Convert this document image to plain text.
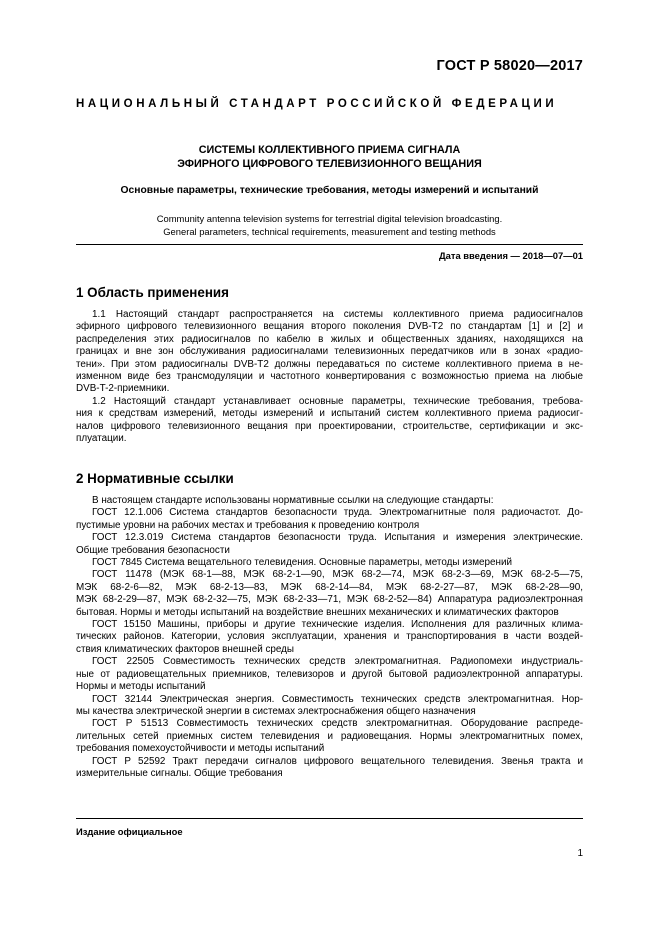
ГОСТ Р 58020—2017
НАЦИОНАЛЬНЫЙ СТАНДАРТ РОССИЙСКОЙ ФЕДЕРАЦИИ
СИСТЕМЫ КОЛЛЕКТИВНОГО ПРИЕМА СИГНАЛА
ЭФИРНОГО ЦИФРОВОГО ТЕЛЕВИЗИОННОГО ВЕЩАНИЯ
Основные параметры, технические требования, методы измерений и испытаний
Community antenna television systems for terrestrial digital television broadcasting.
General parameters, technical requirements, measurement and testing methods
Дата введения — 2018—07—01
1 Область применения
1.1 Настоящий стандарт распространяется на системы коллективного приема радиосигналов
эфирного цифрового телевизионного вещания второго поколения DVB-T2 по стандартам [1] и [2] и
распределения этих радиосигналов по кабелю в жилых и общественных зданиях, находящихся на
границах и вне зон обслуживания радиосигналами телевизионных передатчиков или в зонах «радио-
тени». При этом радиосигналы DVB-T2 должны передаваться по системе коллективного приема в не-
изменном виде без трансмодуляции и частотного конвертирования с возможностью приема на любые
DVB-T-2-приемники.
1.2 Настоящий стандарт устанавливает основные параметры, технические требования, требова-
ния к средствам измерений, методы измерений и испытаний систем коллективного приема радиосиг-
налов цифрового телевизионного вещания при проектировании, строительстве, сертификации и экс-
плуатации.
2 Нормативные ссылки
В настоящем стандарте использованы нормативные ссылки на следующие стандарты:
ГОСТ 12.1.006 Система стандартов безопасности труда. Электромагнитные поля радиочастот. До-
пустимые уровни на рабочих местах и требования к проведению контроля
ГОСТ 12.3.019 Система стандартов безопасности труда. Испытания и измерения электрические.
Общие требования безопасности
ГОСТ 7845 Система вещательного телевидения. Основные параметры, методы измерений
ГОСТ 11478 (МЭК 68-1—88, МЭК 68-2-1—90, МЭК 68-2—74, МЭК 68-2-3—69, МЭК 68-2-5—75,
МЭК 68-2-6—82, МЭК 68-2-13—83, МЭК 68-2-14—84, МЭК 68-2-27—87, МЭК 68-2-28—90,
МЭК 68-2-29—87, МЭК 68-2-32—75, МЭК 68-2-33—71, МЭК 68-2-52—84) Аппаратура радиоэлектронная
бытовая. Нормы и методы испытаний на воздействие внешних механических и климатических факторов
ГОСТ 15150 Машины, приборы и другие технические изделия. Исполнения для различных клима-
тических районов. Категории, условия эксплуатации, хранения и транспортирования в части воздей-
ствия климатических факторов внешней среды
ГОСТ 22505 Совместимость технических средств электромагнитная. Радиопомехи индустриаль-
ные от радиовещательных приемников, телевизоров и другой бытовой радиоэлектронной аппаратуры.
Нормы и методы испытаний
ГОСТ 32144 Электрическая энергия. Совместимость технических средств электромагнитная. Нор-
мы качества электрической энергии в системах электроснабжения общего назначения
ГОСТ Р 51513 Совместимость технических средств электромагнитная. Оборудование распреде-
лительных сетей приемных систем телевидения и радиовещания. Нормы электромагнитных помех,
требования помехоустойчивости и методы испытаний
ГОСТ Р 52592 Тракт передачи сигналов цифрового вещательного телевидения. Звенья тракта и
измерительные сигналы. Общие требования
Издание официальное
1
